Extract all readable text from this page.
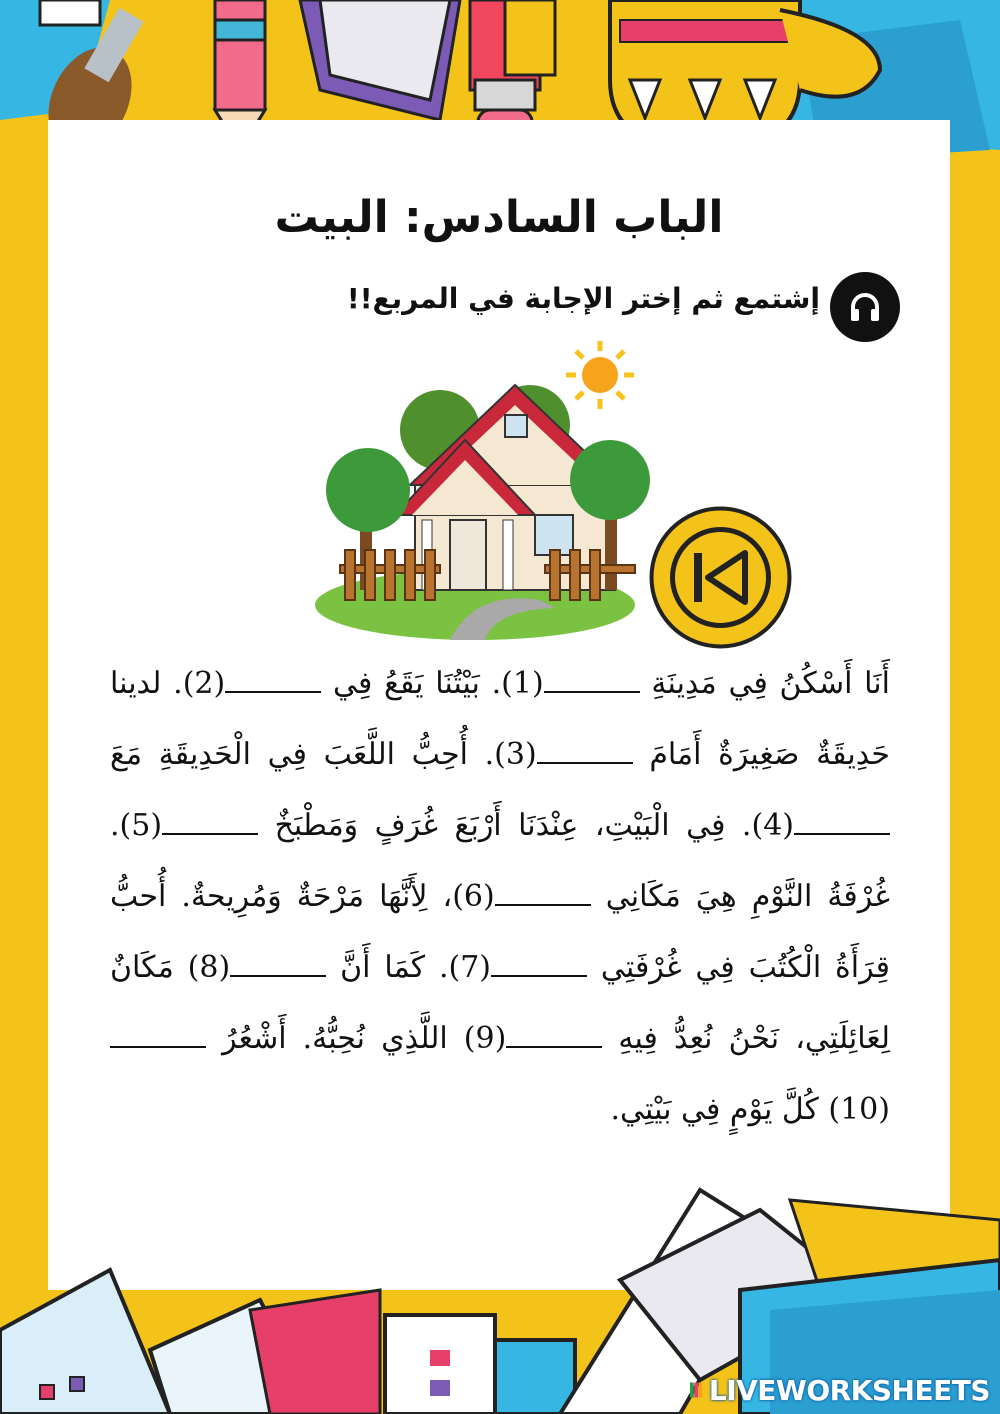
الباب السادس: البيت
إشتمع ثم إختر الإجابة في المربع!!

أَنَا أَسْكُنُ فِي مَدِينَةِ (1). بَيْتُنَا يَقَعُ فِي (2). لدينا حَدِيقَةٌ صَغِيرَةٌ أَمَامَ (3). أُحِبُّ اللَّعَبَ فِي الْحَدِيقَةِ مَعَ (4). فِي الْبَيْتِ، عِنْدَنَا أَرْبَعَ غُرَفٍ وَمَطْبَخٌ (5). غُرْفَةُ النَّوْمِ هِيَ مَكَانِي (6)، لِأَنَّهَا مَرْحَةٌ وَمُرِيحةٌ. أُحبُّ قِرَأَةُ الْكُتُبَ فِي غُرْفَتِي (7). كَمَا أَنَّ (8) مَكَانٌ لِعَائِلَتِي، نَحْنُ نُعِدُّ فِيهِ (9) اللَّذِي نُحِبُّهُ. أَشْعُرُ (10) كُلَّ يَوْمٍ فِي بَيْتِي.

LIVEWORKSHEETS
